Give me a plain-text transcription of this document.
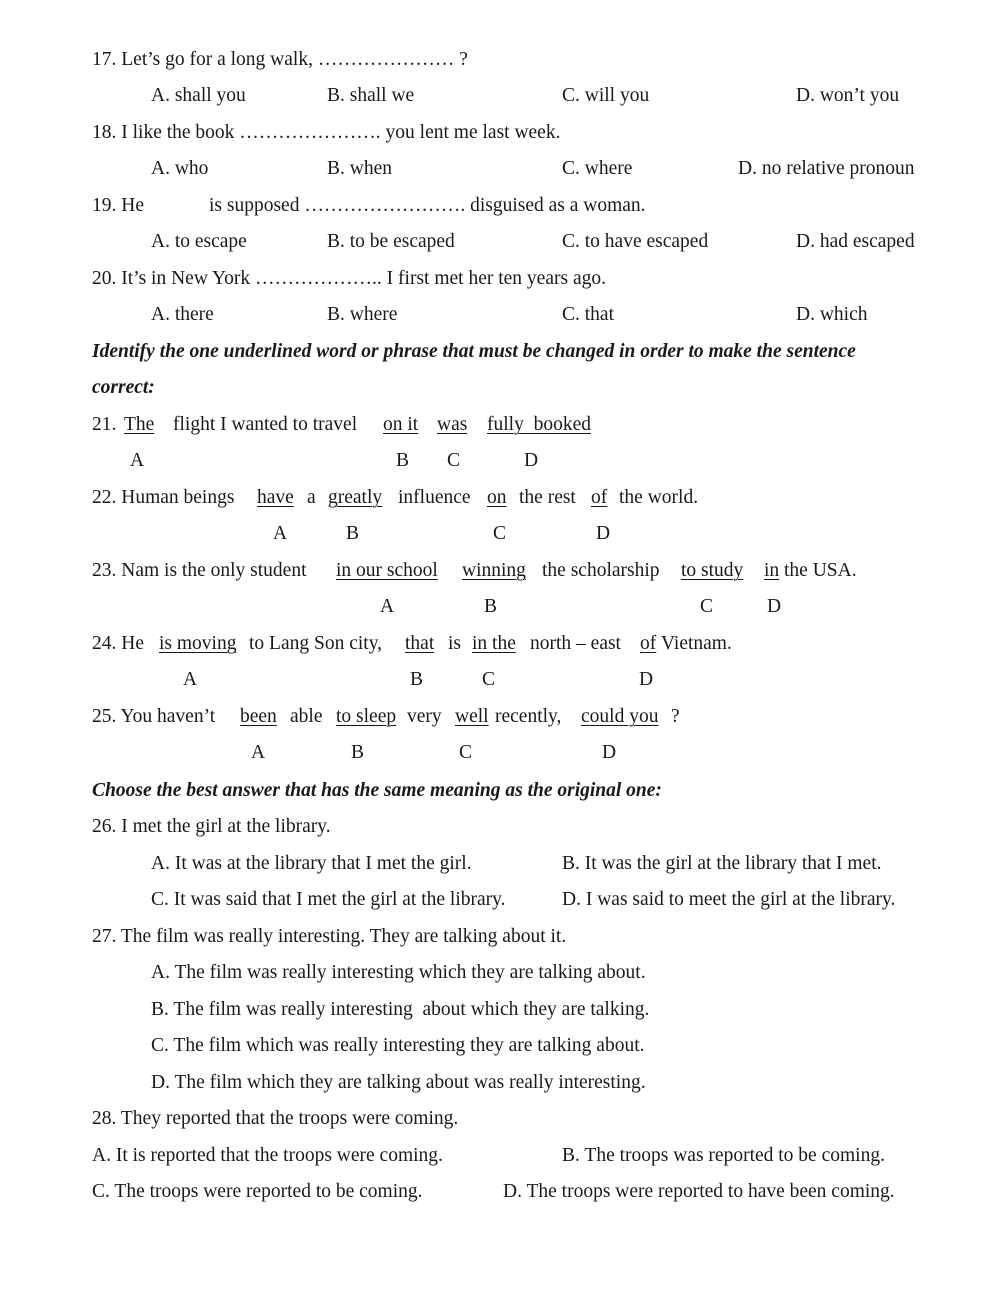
17. Let’s go for a long walk, ………………… ?
A. shall you	B. shall we	C. will you	D. won’t you
18. I like the book …………………. you lent me last week.
A. who	B. when	C. where	D. no relative pronoun
19. He	is supposed ……………………. disguised as a woman.
A. to escape	B. to be escaped	C. to have escaped	D. had escaped
20. It’s in New York ……………….. I first met her ten years ago.
A. there	B. where	C. that	D. which
Identify the one underlined word or phrase that must be changed in order to make the sentence
correct:
21. The flight I wanted to travel on it was fully  booked
A	B C	D
22. Human beings have a greatly influence on the rest of the world.
A	B	C	D
23. Nam is the only student in our school winning the scholarship to study in the USA.
A	B	C	D
24. He is moving to Lang Son city, that is in the north – east of Vietnam.
A	B	C	D
25. You haven’t been able to sleep very well recently, could you ?
A	B	C	D
Choose the best answer that has the same meaning as the original one:
26. I met the girl at the library.
A. It was at the library that I met the girl.	B. It was the girl at the library that I met.
C. It was said that I met the girl at the library.	D. I was said to meet the girl at the library.
27. The film was really interesting. They are talking about it.
A. The film was really interesting which they are talking about.
B. The film was really interesting  about which they are talking.
C. The film which was really interesting they are talking about.
D. The film which they are talking about was really interesting.
28. They reported that the troops were coming.
A. It is reported that the troops were coming.	B. The troops was reported to be coming.
C. The troops were reported to be coming.	D. The troops were reported to have been coming.
